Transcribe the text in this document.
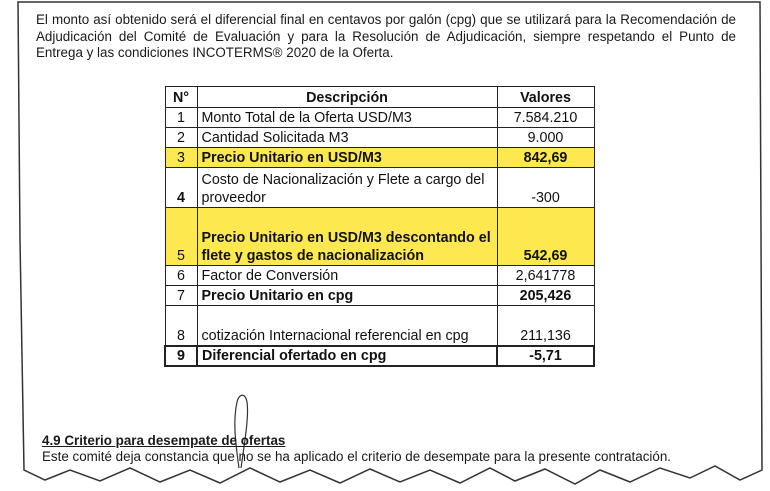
El monto así obtenido será el diferencial final en centavos por galón (cpg) que se utilizará para la Recomendación de Adjudicación del Comité de Evaluación y para la Resolución de Adjudicación, siempre respetando el Punto de Entrega y las condiciones INCOTERMS® 2020 de la Oferta.
N°	Descripción	Valores
1	Monto Total de la Oferta USD/M3	7.584.210
2	Cantidad Solicitada M3	9.000
3	Precio Unitario en USD/M3	842,69
4	Costo de Nacionalización y Flete a cargo del proveedor	-300
5	Precio Unitario en USD/M3 descontando el flete y gastos de nacionalización	542,69
6	Factor de Conversión	2,641778
7	Precio Unitario en cpg	205,426
8	cotización Internacional referencial en cpg	211,136
9	Diferencial ofertado en cpg	-5,71
4.9 Criterio para desempate de ofertas
Este comité deja constancia que no se ha aplicado el criterio de desempate para la presente contratación.
